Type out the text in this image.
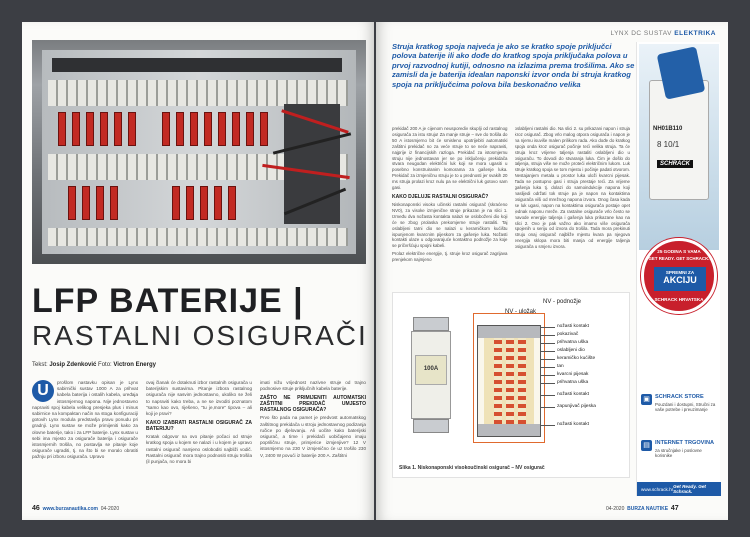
LFP BATERIJE |
RASTALNI OSIGURAČI
Tekst: Josip Zdenković Foto: Victron Energy
U	prošlom nastavku opisan je Lynx sabirnički sustav 1000 A za prihvat kabela baterija i ostalih kabela, uređaja istosmjernog napona. Nije jednostavno napraviti spoj kabela velikog presjeka plus i minus sabirnice na kompaktan način na stoga konfiguraciji gotovih Lynx modula predstavlja pravu ponudu pri gradnji. Lynx sustav se može primijeniti kako za olovne baterije, tako i za LFP baterije. Lynx sustav u sebi ima mjesto za osigurače baterija i osigurače istosmjernih trošila, no postavlja se pitanje koje osigurače ugraditi, tj. na što bi se moralo obratiti pažnju pri izboru osigurača. Upravo

ovaj članak će dotaknuti izbor rastalnih osigurača u baterijskim sustavima. Pitanje izbora rastalnog osigurača nije sasvim jednostavno, ukoliko se želi to napraviti kako treba, a ne se izvoditi poznatom "samo kao ovo, riješeno, "tu je,more" tipova – ali koji je pravi?

KAKO IZABRATI RASTALNI OSIGURAČ ZA BATERIJU?

Kratak odgovor na ovo pitanje počaci od struje kratkog spoja u kojem se nalazi i u kojem je upravo rastalni osigurač namjeno osloboditi najbliži vodič. Rastalni osigurač mora trajno podnositi struju trošila (il punjača, no mora bi

imati nižu vrijednost nazivne struje od trajno podnosive struje priključnih kabela baterije.

ZAŠTO NE PRIMIJENITI AUTOMATSKI ZAŠTITNI PREKIDAČ UMJESTO RASTALNOG OSIGURAČA?

Prvo što pada na pamet je predvost automatskog zaštitnog prekidača u stroju jednostavnog podizanja ručice po djelovanju. Ali uočite kako baterijski osigurač, a time i prekidači uobičajeno imaju popriličnu struje, primjerice izmjenjive? 12 V istosmjerno na 230 V izmjenično će uz trošilo 230 V, 2400 W povući iz baterije 200 A. Zaštitni

46 www.burzanautika.com 04-2020
LYNX DC SUSTAV ELEKTRIKA
Struja kratkog spoja najveća je ako se kratko spoje priključci polova baterije ili ako dođe do kratkog spoja priključaka polova u prvoj razvodnoj kutiji, odnosno na izlazima prema trošilima. Ako se zamisli da je baterija idealan naponski izvor onda bi struja kratkog spoja na priključcima polova bila beskonačno velika

prekidač 200 A je cijenom neusporediv skuplji od rastalnog osigurača za istu struju! Za manje struje – sve do trošila do 50 A istosmjerno bit će smisleno upotrijebiti automatski zaštitni prekidač no za veće struje to se neće napraviti, najprije iz financijskih razloga. Prekidač za istosmjernu struju nije jednostavan jer se po isključenju prekidača stvara neugodan električni luk koji se mora ugasiti u posebno konstruiranim komorama za gašenje luka. Prekidač za izmjeničnu struju je to u prednosti jer svakih 20 ms struja prolazi kroz nulu pa se električni luk gotovo sam gasi.

KAKO DJELUJE RASTALNI OSIGURAČ?

Niskonaponski visoko učinski rastalni osigurač (skraćeno NV0), za visoke izmjenične struje prikazan je na slici 1. Između dva nožasta kontakta nalazi se osloboženi dio koji će se zbog prolaska prekomjerne struje rastaliti. Taj oslabljeni taIni dio se nalazi u keramičkom kućištu ispunjenom kvarcnim pijeskom za gašenje luka. Nožasti kontakti ulaze u odgovarajuće kontaktno podnožje za koje se pričvršćuju spojni kabeli.

Prolaz električne energije, tj. struje kroz osigurač zagrijava prenjekom najmjeno

oslabljeni rastalni dio. Na slici 2. su prikazani napon i struja kroz osigurač. Zbog vrlo malog otpora osigurača i napon je na njemu isuviše malen prilikom rada. Ako dođe do kratkog spoja onda kroz osigurač počinje teći velika struja. Ta će struja kroz vrijeme taljenja rastaliti oslabljeni dio u osiguraču. To dovodi do stvaranja luka. Čim je došlo do taljenja, struja više ne može proteći električnim lukom. Luk struje kratkog spoja se tom mjestu i počinje padati otvorom. Nestajanjem metala u prostor luka uloži kvarcni pijesak. Tada se postupno gasi i struja prestaje teći. Za vrijeme gašenja luka tj. dolazi do samoindukcije napona koji naslijedi održati tok struje pa je napon na kontaktima osigurača viši od mrežnog napona izvora. Onog časa kada se luk ugasi, napon na kontaktima osigurača postaje opet jednak naponu mreže. Za rastalne osigurače vrlo često se navode energije taljenja i gašenja luka prikazane kao na slici 2. Ovo je pak važno ako imamo više osigurača spojenih u seriju od izvora do trošila. Tada mora prekinuti struju onaj osigurač najbliže mjestu kvara pa njegova energija sklopa mora biti manja od energije taljenja osigurača u smjeru izvora.

100A
NV - podnožje
NV - uložak
nožasti kontakt
pokazivač
prihvatna uška
oslabljeni dio
keramičko kućište
tan
kvarcni pijesak
prihvatna uška
nožasti kontakt
zapunjivač pijeska
nožasti kontakt
Slika 1. Niskonaponski visokoučinski osigurač – NV osigurač
NH01B110
8 10/1
SCHRACK
25 GODINA S VAMA
GET READY. GET SCHRACK.
SPREMNI ZA
AKCIJU
SCHRACK HRVATSKA
▣ SCHRACK STORE
Pouzdani i dostupni, Stručni za vaše potrebe i preuzimanje
▤ INTERNET TRGOVINA
za stručnjake i poslovne korisnike
www.schrack.hr Get Ready. Get Schrack.
04-2020 BURZA NAUTIKE 47
